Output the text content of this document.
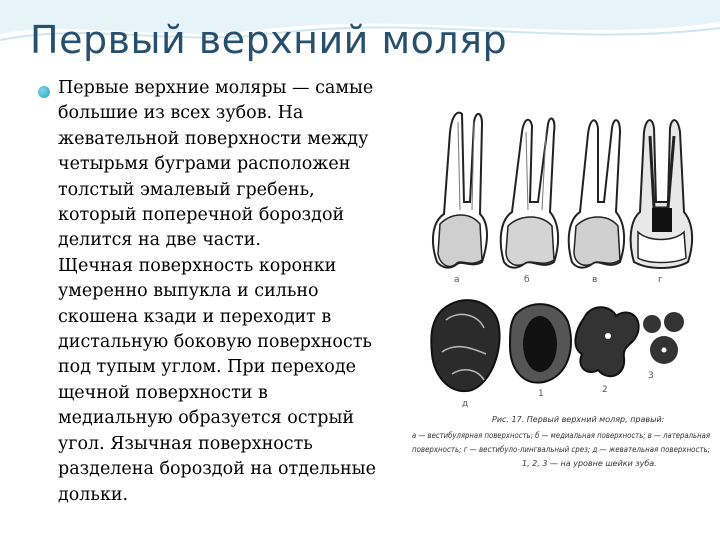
Первый верхний моляр

Первые верхние моляры — самые
большие из всех зубов. На
жевательной поверхности между
четырьмя буграми расположен
толстый эмалевый гребень,
который поперечной бороздой
делится на две части.
Щечная поверхность коронки
умеренно выпукла и сильно
скошена кзади и переходит в
дистальную боковую поверхность
под тупым углом. При переходе
щечной поверхности в
медиальную образуется острый
угол. Язычная поверхность
разделена бороздой на отдельные
дольки.

а	б	в	г
д
1	2
3
Рис. 17. Первый верхний моляр, правый:
а — вестибулярная поверхность; б — медиальная поверхность; в — латеральная
поверхность; г — вестибуло-лингвальный срез; д — жевательная поверхность;
1, 2, 3 — на уровне шейки зуба.
